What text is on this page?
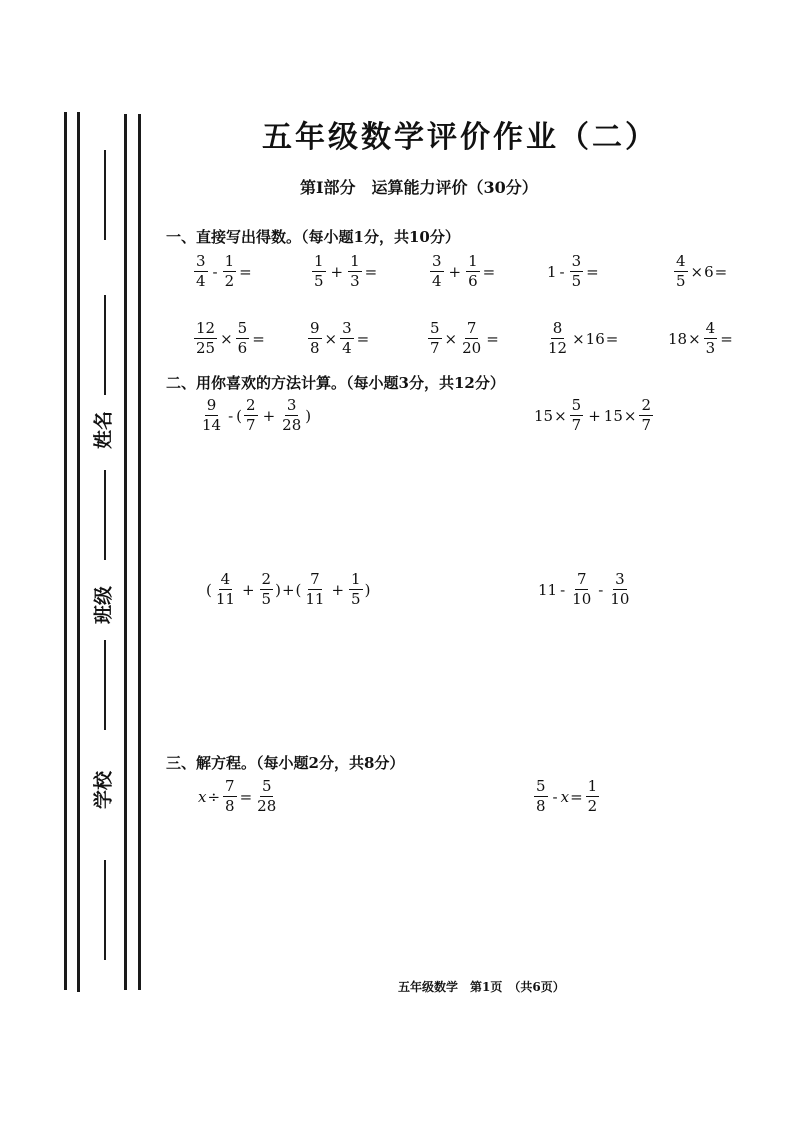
姓名
班级
学校
五年级数学评价作业（二）
第Ⅰ部分　运算能力评价（30分）
一、直接写出得数。（每小题1分，共10分）
$\frac{3}{4} - \frac{1}{2}$ =	$\frac{1}{5} + \frac{1}{3}$ =	$\frac{3}{4} + \frac{1}{6}$ =	$1 - \frac{3}{5}$ =	$\frac{4}{5} \times 6$ =
$\frac{12}{25} \times \frac{5}{6}$ =	$\frac{9}{8} \times \frac{3}{4}$ =	$\frac{5}{7} \times \frac{7}{20}$ =	$\frac{8}{12} \times 16$ =	$18 \times \frac{4}{3}$ =
二、用你喜欢的方法计算。（每小题3分，共12分）
$\frac{9}{14}$ - ( $\frac{2}{7} + \frac{3}{28}$ )	$15 \times \frac{5}{7} + 15 \times \frac{2}{7}$
( $\frac{4}{11} + \frac{2}{5}$ ) + ( $\frac{7}{11} + \frac{1}{5}$ )	$11 - \frac{7}{10} - \frac{3}{10}$
三、解方程。（每小题2分，共8分）
$x \div \frac{7}{8} = \frac{5}{28}$	$\frac{5}{8} - x = \frac{1}{2}$
五年级数学　第1页　（共6页）
